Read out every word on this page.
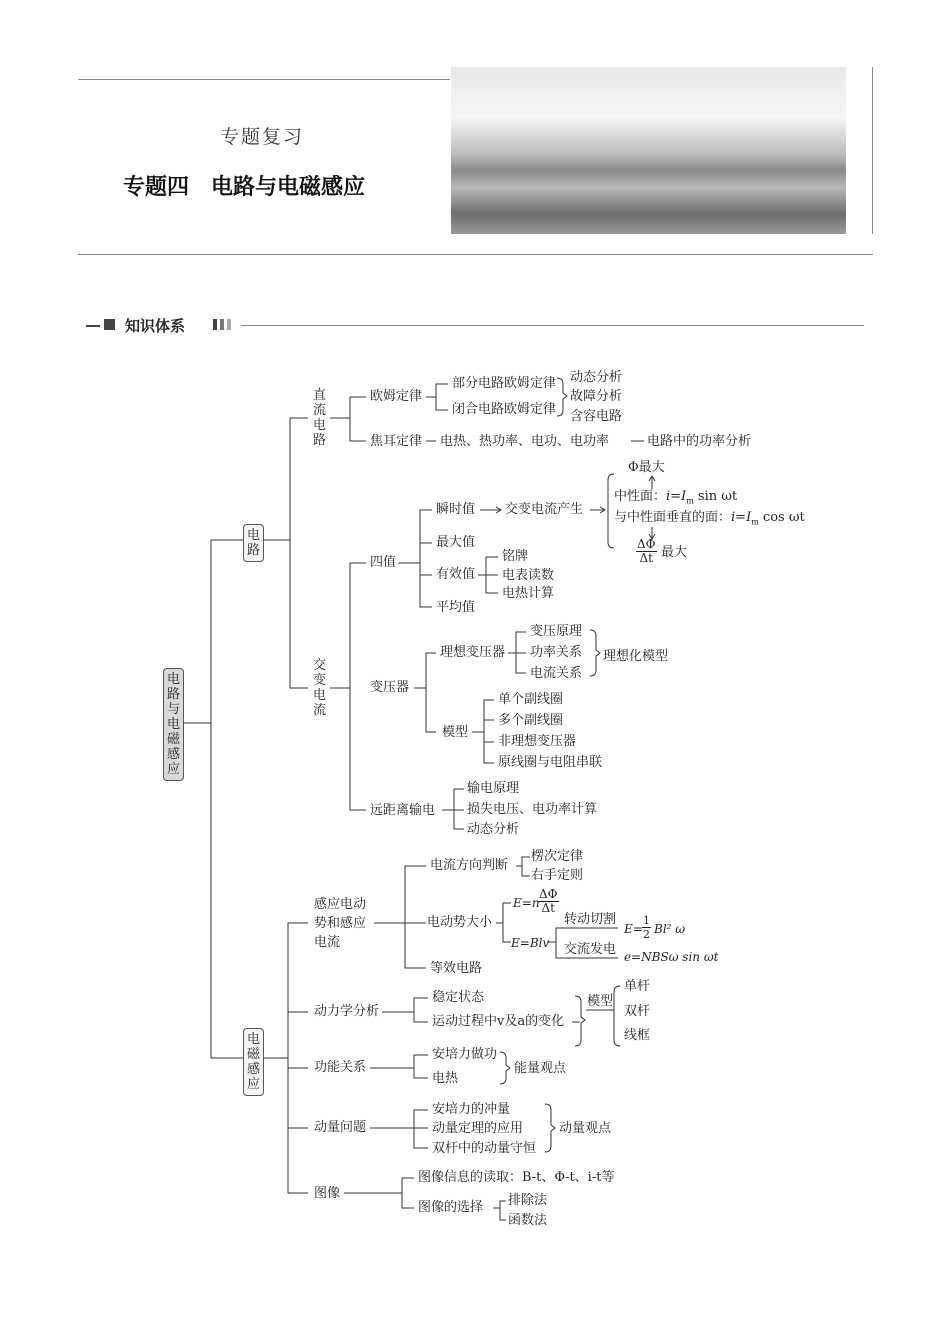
专题复习
专题四　电路与电磁感应
知识体系
电路与电磁感应
电路
电磁感应
直流电路
欧姆定律
部分电路欧姆定律
闭合电路欧姆定律
动态分析
故障分析
含容电路
焦耳定律 电热、热功率、电功、电功率	电路中的功率分析
交变电流
四值
瞬时值 交变电流产生
Φ最大
中性面：$i=I_m$ sin ωt
与中性面垂直的面：$i=I_m$ cos ωt
$\frac{\Delta\Phi}{\Delta t}$ 最大
最大值
有效值
铭牌
电表读数
电热计算
平均值
变压器
理想变压器
变压原理
功率关系
电流关系
理想化模型
模型
单个副线圈
多个副线圈
非理想变压器
原线圈与电阻串联
远距离输电
输电原理
损失电压、电功率计算
动态分析
感应电动
势和感应
电流
电流方向判断
楞次定律
右手定则
电动势大小
E=n
$\frac{\Delta\Phi}{\Delta t}$
E=Blv
转动切割
$E= \frac{1}{2} Bl^2$ ω
交流发电 e=NBSω sin ωt
等效电路
动力学分析
稳定状态
运动过程中v及a的变化
模型
单杆
双杆
线框
功能关系
安培力做功
电热
能量观点
动量问题
安培力的冲量
动量定理的应用
双杆中的动量守恒
动量观点
图像
图像信息的读取：B-t、Φ-t、i-t等
图像的选择 排除法
函数法
